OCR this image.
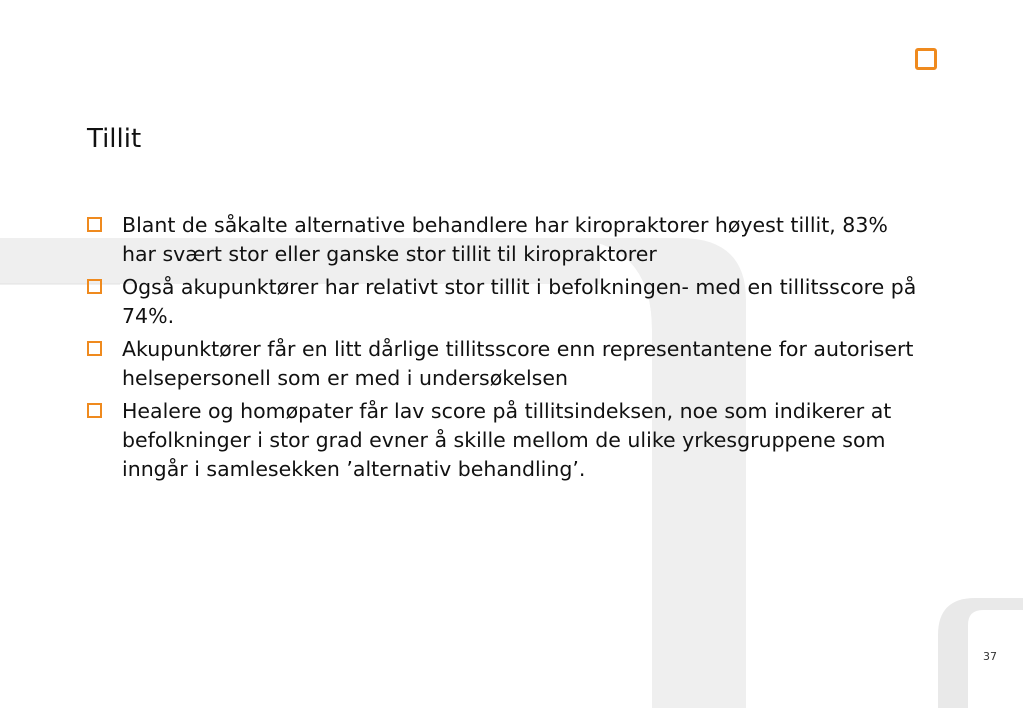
Tillit
Blant de såkalte alternative behandlere har kiropraktorer høyest tillit, 83% har svært stor eller ganske stor tillit til kiropraktorer
Også akupunktører har relativt stor tillit i befolkningen- med en tillitsscore på 74%.
Akupunktører får en litt dårlige tillitsscore enn representantene for autorisert helsepersonell som er med i undersøkelsen
Healere og homøpater får lav score på tillitsindeksen, noe som indikerer at befolkninger i stor grad evner å skille mellom de ulike yrkesgruppene som inngår i samlesekken ’alternativ behandling’.
37
